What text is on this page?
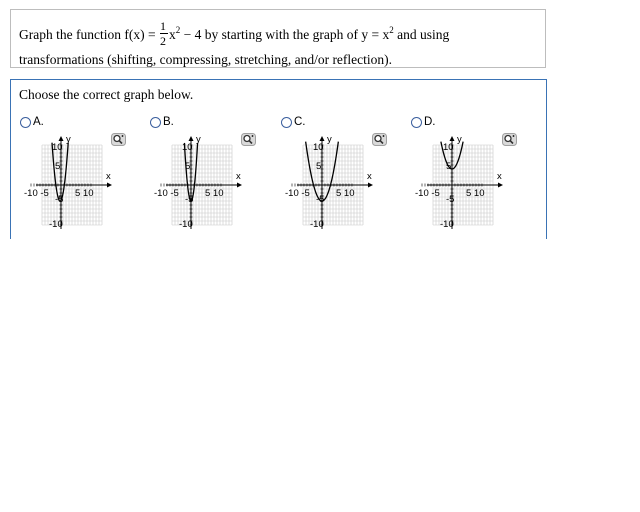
Graph the function $f(x) = \frac{1}{2} x^2 - 4$ by starting with the graph of $y = x^2$ and using
transformations (shifting, compressing, stretching, and/or reflection).
Choose the correct graph below.
A.
y
x
10
5
-5
-10
-10 -5	5 10
B.
y
x
10
5
-5
-10
-10 -5	5 10
C.
y
x
10
5
-5
-10
-10 -5	5 10
D.
y
x
10
5
-5
-10
-10 -5	5 10
